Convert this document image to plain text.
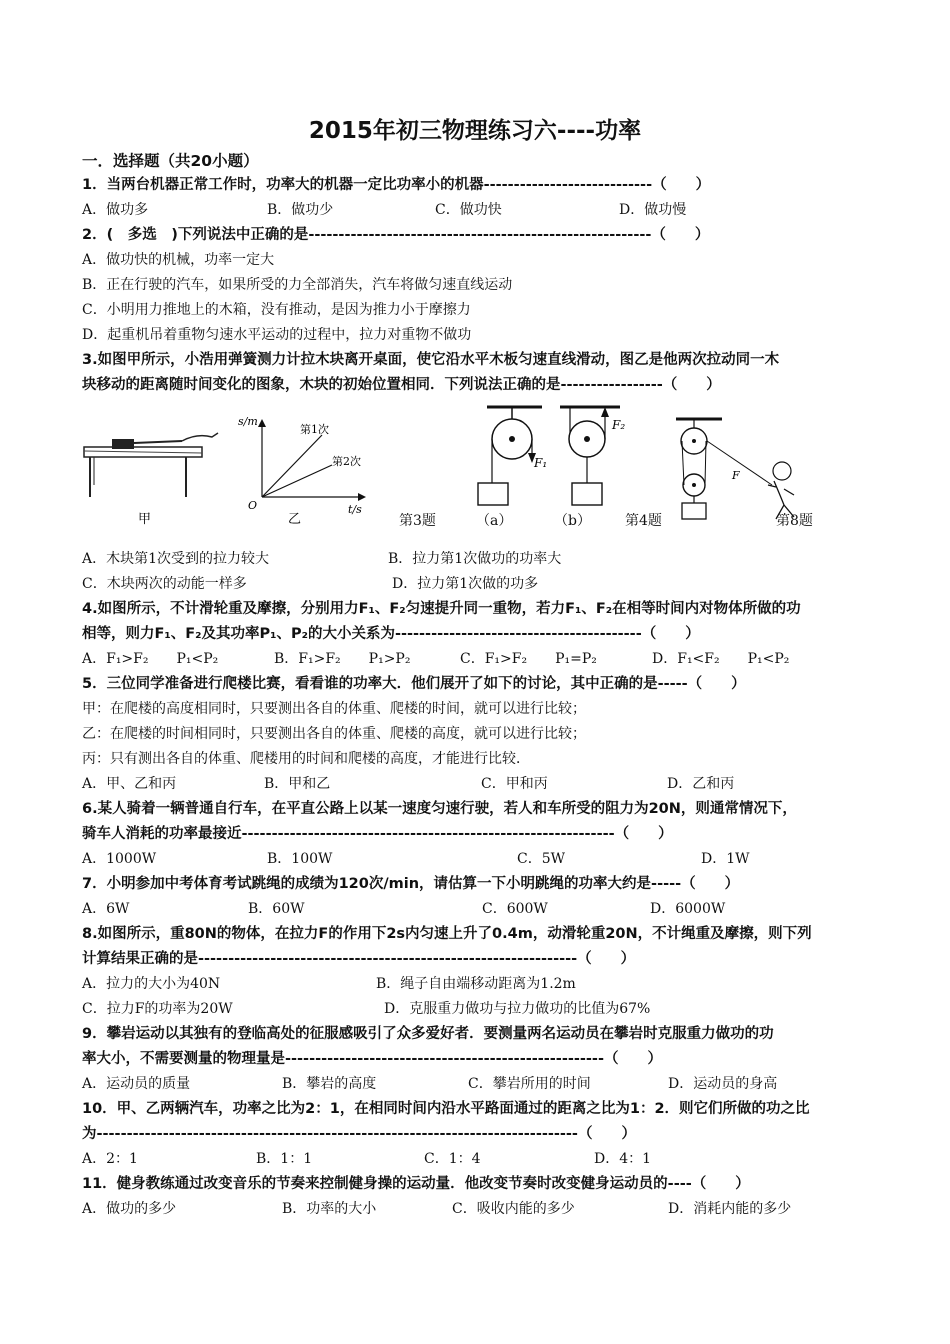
2015年初三物理练习六----功率
一．选择题（共20小题）
1．当两台机器正常工作时，功率大的机器一定比功率小的机器----------------------------（　　）
A．做功多	B．做功少	C．做功快	D．做功慢
2．(　多选　)下列说法中正确的是---------------------------------------------------------（　　）
A．做功快的机械，功率一定大
B．正在行驶的汽车，如果所受的力全部消失，汽车将做匀速直线运动
C．小明用力推地上的木箱，没有推动，是因为推力小于摩擦力
D．起重机吊着重物匀速水平运动的过程中，拉力对重物不做功
3.如图甲所示，小浩用弹簧测力计拉木块离开桌面，使它沿水平木板匀速直线滑动，图乙是他两次拉动同一木
块移动的距离随时间变化的图象，木块的初始位置相同．下列说法正确的是-----------------（　　）
甲
s/m
t/s
O
第1次
第2次
乙
F₁
F₂
F
第3题	（a）	（b） 第4题	第8题
A．木块第1次受到的拉力较大	B．拉力第1次做功的功率大
C．木块两次的动能一样多	D．拉力第1次做的功多
4.如图所示，不计滑轮重及摩擦，分别用力F₁、F₂匀速提升同一重物，若力F₁、F₂在相等时间内对物体所做的功
相等，则力F₁、F₂及其功率P₁、P₂的大小关系为-----------------------------------------（　　）
A．F₁>F₂　　P₁<P₂	B．F₁>F₂　　P₁>P₂	C．F₁>F₂　　P₁=P₂	D．F₁<F₂　　P₁<P₂
5．三位同学准备进行爬楼比赛，看看谁的功率大．他们展开了如下的讨论，其中正确的是-----（　　）
甲：在爬楼的高度相同时，只要测出各自的体重、爬楼的时间，就可以进行比较；
乙：在爬楼的时间相同时，只要测出各自的体重、爬楼的高度，就可以进行比较；
丙：只有测出各自的体重、爬楼用的时间和爬楼的高度，才能进行比较．
A．甲、乙和丙	B．甲和乙	C．甲和丙	D．乙和丙
6.某人骑着一辆普通自行车，在平直公路上以某一速度匀速行驶，若人和车所受的阻力为20N，则通常情况下，
骑车人消耗的功率最接近--------------------------------------------------------------（　　）
A．1000W	B．100W	C．5W	D．1W
7．小明参加中考体育考试跳绳的成绩为120次/min，请估算一下小明跳绳的功率大约是-----（　　）
A．6W	B．60W	C．600W	D．6000W
8.如图所示，重80N的物体，在拉力F的作用下2s内匀速上升了0.4m，动滑轮重20N，不计绳重及摩擦，则下列
计算结果正确的是---------------------------------------------------------------（　　）
A．拉力的大小为40N	B．绳子自由端移动距离为1.2m
C．拉力F的功率为20W	D．克服重力做功与拉力做功的比值为67%
9．攀岩运动以其独有的登临高处的征服感吸引了众多爱好者．要测量两名运动员在攀岩时克服重力做功的功
率大小，不需要测量的物理量是-----------------------------------------------------（　　）
A．运动员的质量	B．攀岩的高度	C．攀岩所用的时间	D．运动员的身高
10．甲、乙两辆汽车，功率之比为2：1，在相同时间内沿水平路面通过的距离之比为1：2．则它们所做的功之比
为--------------------------------------------------------------------------------（　　）
A．2：1	B．1：1	C．1：4	D．4：1
11．健身教练通过改变音乐的节奏来控制健身操的运动量．他改变节奏时改变健身运动员的----（　　）
A．做功的多少	B．功率的大小	C．吸收内能的多少	D．消耗内能的多少
